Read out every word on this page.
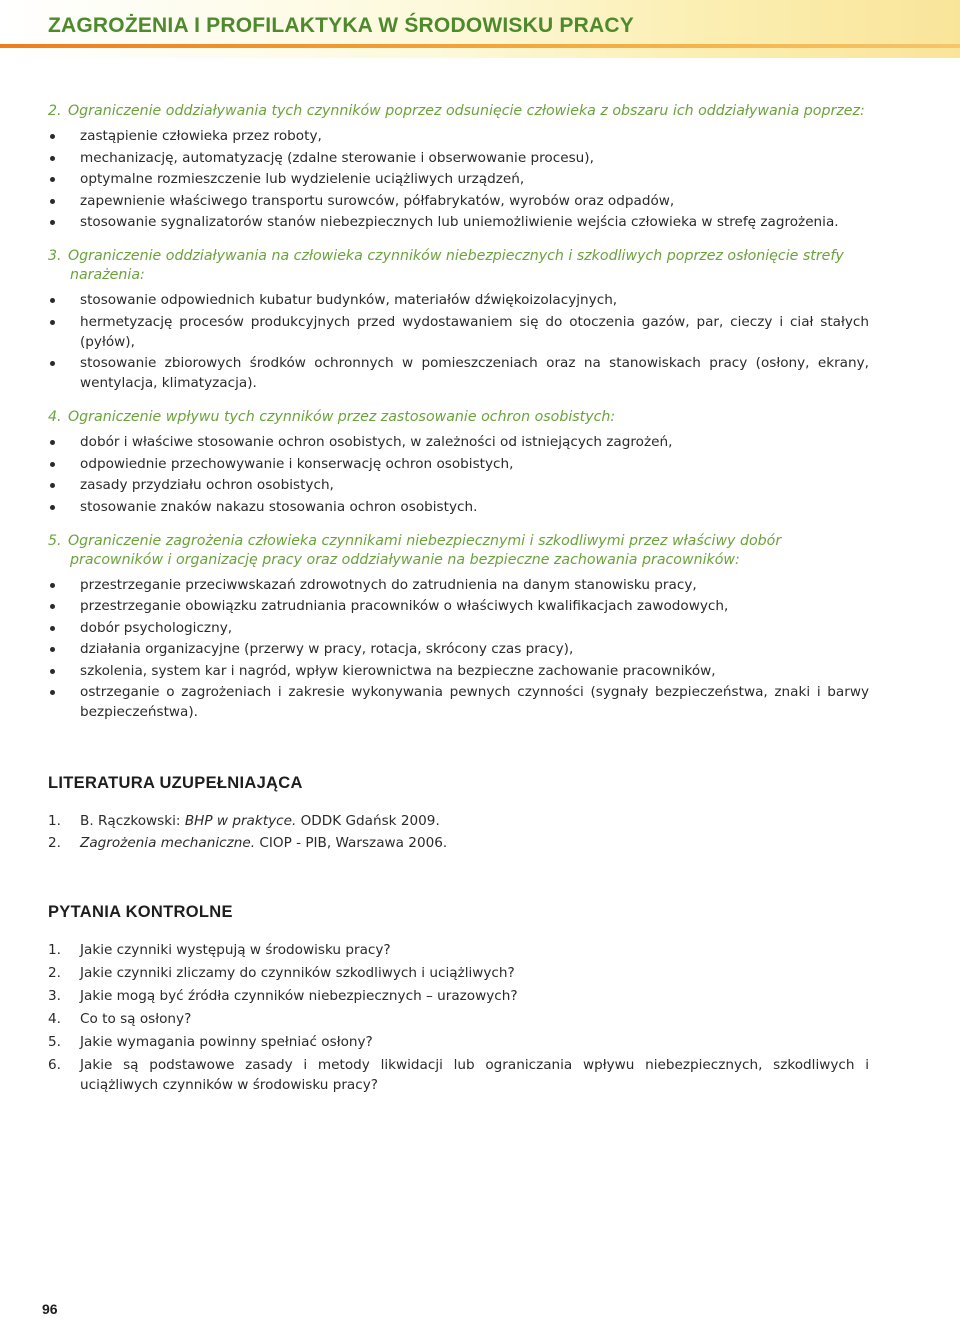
ZAGROŻENIA I PROFILAKTYKA W ŚRODOWISKU PRACY

2. Ograniczenie oddziaływania tych czynników poprzez odsunięcie człowieka z obszaru ich oddziaływania poprzez:

zastąpienie człowieka przez roboty,
mechanizację, automatyzację (zdalne sterowanie i obserwowanie procesu),
optymalne rozmieszczenie lub wydzielenie uciążliwych urządzeń,
zapewnienie właściwego transportu surowców, półfabrykatów, wyrobów oraz odpadów,
stosowanie sygnalizatorów stanów niebezpiecznych lub uniemożliwienie wejścia człowieka w strefę zagrożenia.

3. Ograniczenie oddziaływania na człowieka czynników niebezpiecznych i szkodliwych poprzez osłonięcie strefy narażenia:

stosowanie odpowiednich kubatur budynków, materiałów dźwiękoizolacyjnych,
hermetyzację procesów produkcyjnych przed wydostawaniem się do otoczenia gazów, par, cieczy i ciał stałych (pyłów),
stosowanie zbiorowych środków ochronnych w pomieszczeniach oraz na stanowiskach pracy (osłony, ekrany, wentylacja, klimatyzacja).

4. Ograniczenie wpływu tych czynników przez zastosowanie ochron osobistych:

dobór i właściwe stosowanie ochron osobistych, w zależności od istniejących zagrożeń,
odpowiednie przechowywanie i konserwację ochron osobistych,
zasady przydziału ochron osobistych,
stosowanie znaków nakazu stosowania ochron osobistych.

5. Ograniczenie zagrożenia człowieka czynnikami niebezpiecznymi i szkodliwymi przez właściwy dobór pracowników i organizację pracy oraz oddziaływanie na bezpieczne zachowania pracowników:

przestrzeganie przeciwwskazań zdrowotnych do zatrudnienia na danym stanowisku pracy,
przestrzeganie obowiązku zatrudniania pracowników o właściwych kwalifikacjach zawodowych,
dobór psychologiczny,
działania organizacyjne (przerwy w pracy, rotacja, skrócony czas pracy),
szkolenia, system kar i nagród, wpływ kierownictwa na bezpieczne zachowanie pracowników,
ostrzeganie o zagrożeniach i zakresie wykonywania pewnych czynności (sygnały bezpieczeństwa, znaki i barwy bezpieczeństwa).
LITERATURA UZUPEŁNIAJĄCA
1. B. Rączkowski: BHP w praktyce. ODDK Gdańsk 2009.
2. Zagrożenia mechaniczne. CIOP - PIB, Warszawa 2006.
PYTANIA KONTROLNE
1. Jakie czynniki występują w środowisku pracy?
2. Jakie czynniki zliczamy do czynników szkodliwych i uciążliwych?
3. Jakie mogą być źródła czynników niebezpiecznych – urazowych?
4. Co to są osłony?
5. Jakie wymagania powinny spełniać osłony?
6. Jakie są podstawowe zasady i metody likwidacji lub ograniczania wpływu niebezpiecznych, szkodliwych i uciążliwych czynników w środowisku pracy?
96
